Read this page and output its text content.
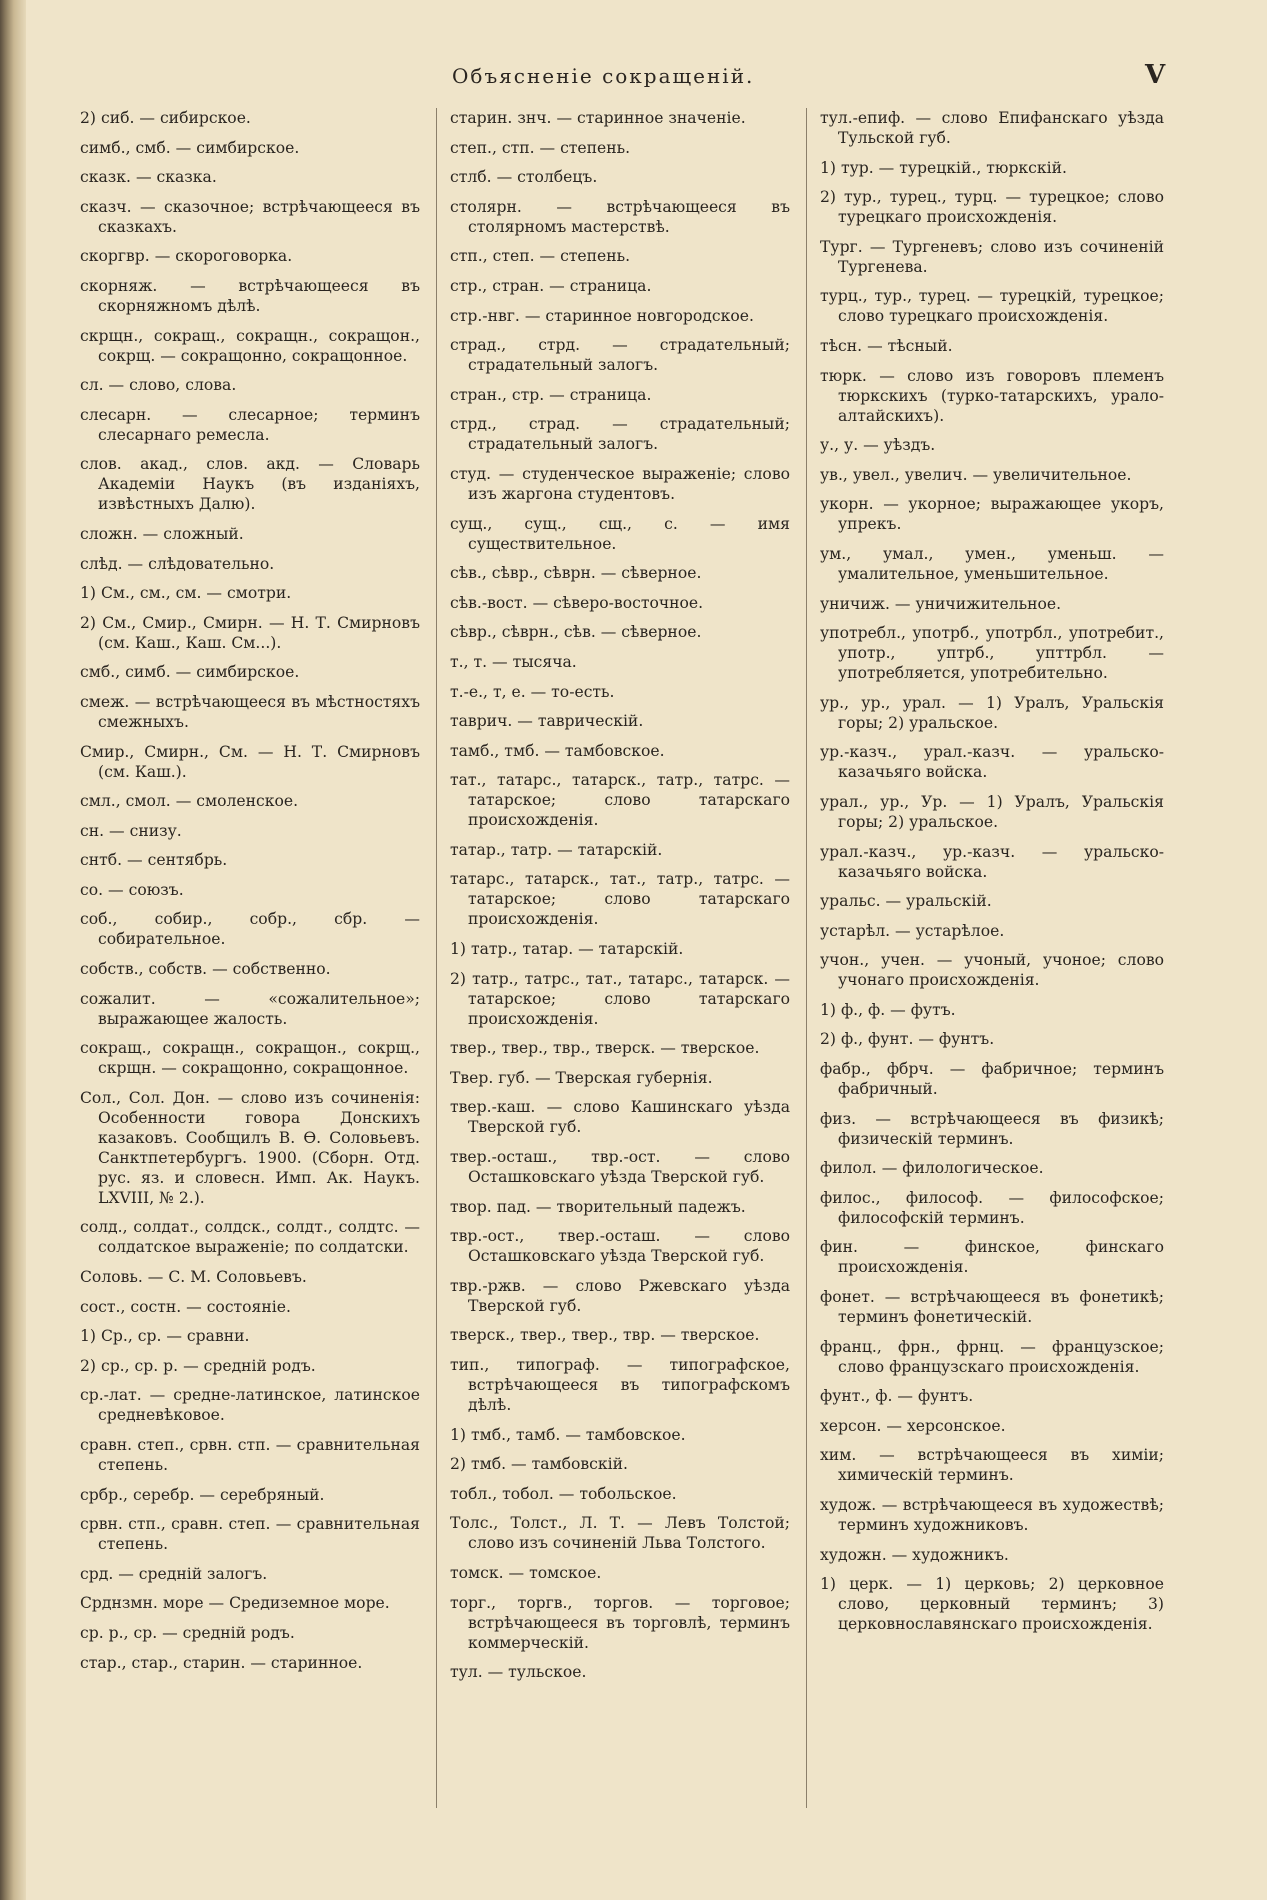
Объясненіе сокращеній.	V
2) сиб. — сибирское.
симб., смб. — симбирское.
сказк. — сказка.
сказч. — сказочное; встрѣчающееся въ сказкахъ.
скоргвр. — скороговорка.
скорняж. — встрѣчающееся въ скорняжномъ дѣлѣ.
скрщн., сокращ., сокращн., сокращон., сокрщ. — сокращонно, сокращонное.
сл. — слово, слова.
слесарн. — слесарное; терминъ слесарнаго ремесла.
слов. акад., слов. акд. — Словарь Академіи Наукъ (въ изданіяхъ, извѣстныхъ Далю).
сложн. — сложный.
слѣд. — слѣдовательно.
1) См., см., см. — смотри.
2) См., Смир., Смирн. — Н. Т. Смирновъ (см. Каш., Каш. См...).
смб., симб. — симбирское.
смеж. — встрѣчающееся въ мѣстностяхъ смежныхъ.
Смир., Смирн., См. — Н. Т. Смирновъ (см. Каш.).
смл., смол. — смоленское.
сн. — снизу.
снтб. — сентябрь.
со. — союзъ.
соб., собир., собр., сбр. — собирательное.
собств., собств. — собственно.
сожалит. — «сожалительное»; выражающее жалость.
сокращ., сокращн., сокращон., сокрщ., скрщн. — сокращонно, сокращонное.
Сол., Сол. Дон. — слово изъ сочиненія: Особенности говора Донскихъ казаковъ. Сообщилъ В. Ѳ. Соловьевъ. Санктпетербургъ. 1900. (Сборн. Отд. рус. яз. и словесн. Имп. Ак. Наукъ. LXVIII, № 2.).
солд., солдат., солдск., солдт., солдтс. — солдатское выраженіе; по солдатски.
Соловь. — С. М. Соловьевъ.
сост., состн. — состояніе.
1) Ср., ср. — сравни.
2) ср., ср. р. — средній родъ.
ср.-лат. — средне-латинское, латинское средневѣковое.
сравн. степ., срвн. стп. — сравнительная степень.
србр., серебр. — серебряный.
срвн. стп., сравн. степ. — сравнительная степень.
срд. — средній залогъ.
Срднзмн. море — Средиземное море.
ср. р., ср. — средній родъ.
стар., стар., старин. — старинное.
старин. знч. — старинное значеніе.
степ., стп. — степень.
стлб. — столбецъ.
столярн. — встрѣчающееся въ столярномъ мастерствѣ.
стп., степ. — степень.
стр., стран. — страница.
стр.-нвг. — старинное новгородское.
страд., стрд. — страдательный; страдательный залогъ.
стран., стр. — страница.
стрд., страд. — страдательный; страдательный залогъ.
студ. — студенческое выраженіе; слово изъ жаргона студентовъ.
сущ., сущ., сщ., с. — имя существительное.
сѣв., сѣвр., сѣврн. — сѣверное.
сѣв.-вост. — сѣверо-восточное.
сѣвр., сѣврн., сѣв. — сѣверное.
т., т. — тысяча.
т.-е., т, е. — то-есть.
таврич. — таврическій.
тамб., тмб. — тамбовское.
тат., татарс., татарск., татр., татрс. — татарское; слово татарскаго происхожденія.
татар., татр. — татарскій.
татарс., татарск., тат., татр., татрс. — татарское; слово татарскаго происхожденія.
1) татр., татар. — татарскій.
2) татр., татрс., тат., татарс., татарск. — татарское; слово татарскаго происхожденія.
твер., твер., твр., тверск. — тверское.
Твер. губ. — Тверская губернія.
твер.-каш. — слово Кашинскаго уѣзда Тверской губ.
твер.-осташ., твр.-ост. — слово Осташковскаго уѣзда Тверской губ.
твор. пад. — творительный падежъ.
твр.-ост., твер.-осташ. — слово Осташковскаго уѣзда Тверской губ.
твр.-ржв. — слово Ржевскаго уѣзда Тверской губ.
тверск., твер., твер., твр. — тверское.
тип., типограф. — типографское, встрѣчающееся въ типографскомъ дѣлѣ.
1) тмб., тамб. — тамбовское.
2) тмб. — тамбовскій.
тобл., тобол. — тобольское.
Толс., Толст., Л. Т. — Левъ Толстой; слово изъ сочиненій Льва Толстого.
томск. — томское.
торг., торгв., торгов. — торговое; встрѣчающееся въ торговлѣ, терминъ коммерческій.
тул. — тульское.
тул.-епиф. — слово Епифанскаго уѣзда Тульской губ.
1) тур. — турецкій., тюркскій.
2) тур., турец., турц. — турецкое; слово турецкаго происхожденія.
Тург. — Тургеневъ; слово изъ сочиненій Тургенева.
турц., тур., турец. — турецкій, турецкое; слово турецкаго происхожденія.
тѣсн. — тѣсный.
тюрк. — слово изъ говоровъ племенъ тюркскихъ (турко-татарскихъ, урало-алтайскихъ).
у., у. — уѣздъ.
ув., увел., увелич. — увеличительное.
укорн. — укорное; выражающее укоръ, упрекъ.
ум., умал., умен., уменьш. — умалительное, уменьшительное.
уничиж. — уничижительное.
употребл., употрб., употрбл., употребит., употр., уптрб., упттрбл. — употребляется, употребительно.
ур., ур., урал. — 1) Уралъ, Уральскія горы; 2) уральское.
ур.-казч., урал.-казч. — уральско-казачьяго войска.
урал., ур., Ур. — 1) Уралъ, Уральскія горы; 2) уральское.
урал.-казч., ур.-казч. — уральско-казачьяго войска.
уральс. — уральскій.
устарѣл. — устарѣлое.
учон., учен. — учоный, учоное; слово учонаго происхожденія.
1) ф., ф. — футъ.
2) ф., фунт. — фунтъ.
фабр., фбрч. — фабричное; терминъ фабричный.
физ. — встрѣчающееся въ физикѣ; физическій терминъ.
филол. — филологическое.
филос., философ. — философское; философскій терминъ.
фин. — финское, финскаго происхожденія.
фонет. — встрѣчающееся въ фонетикѣ; терминъ фонетическій.
франц., фрн., фрнц. — французское; слово французскаго происхожденія.
фунт., ф. — фунтъ.
херсон. — херсонское.
хим. — встрѣчающееся въ химіи; химическій терминъ.
худож. — встрѣчающееся въ художествѣ; терминъ художниковъ.
художн. — художникъ.
1) церк. — 1) церковь; 2) церковное слово, церковный терминъ; 3) церковнославянскаго происхожденія.
